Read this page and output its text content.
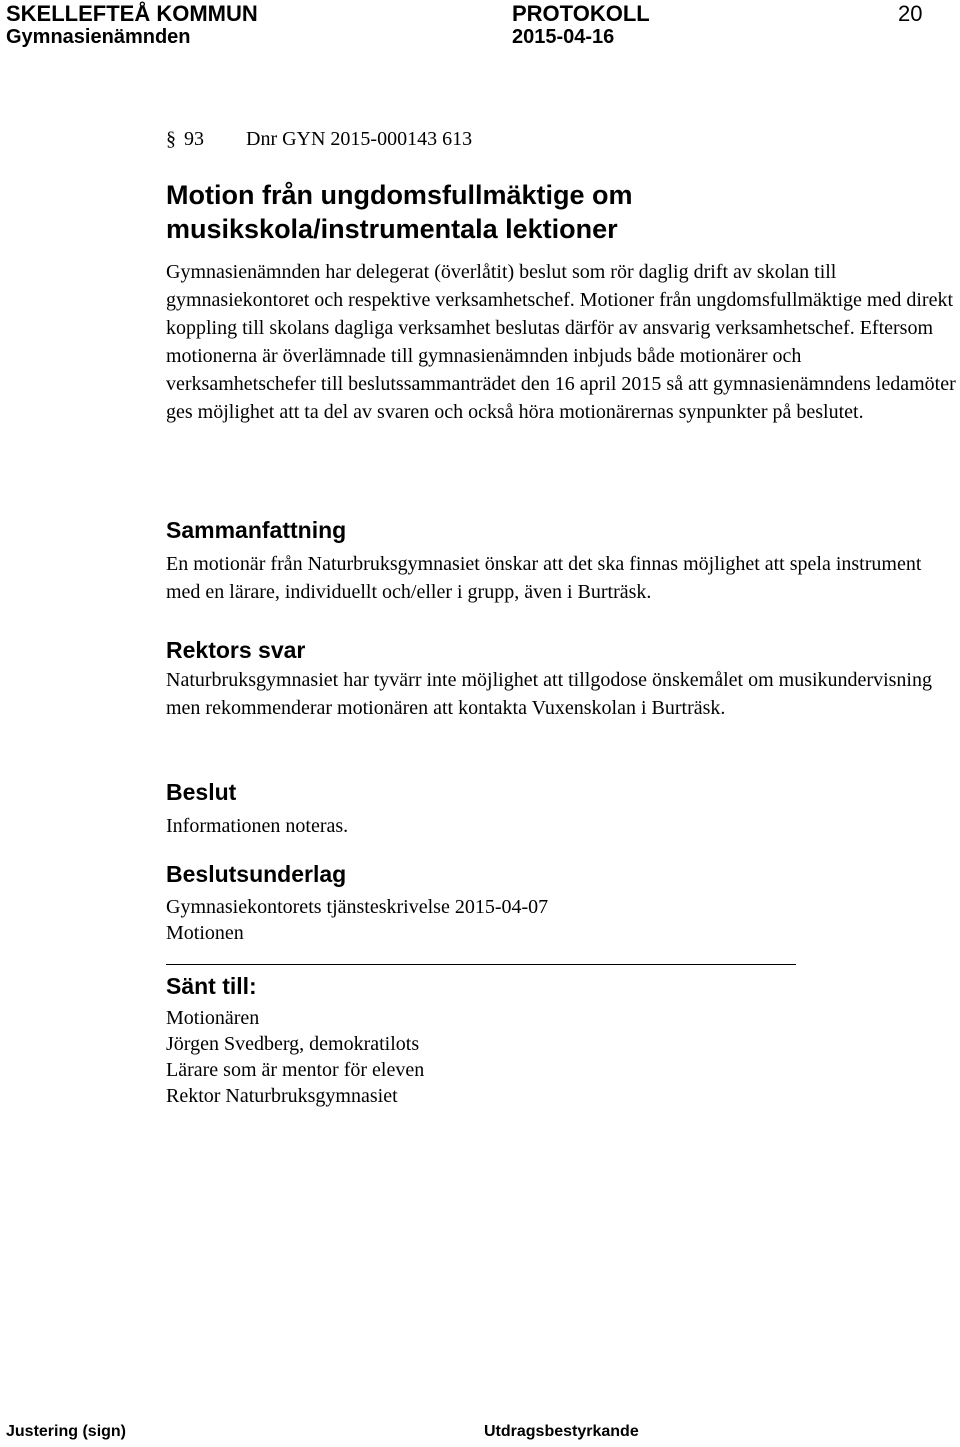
SKELLEFTEÅ KOMMUN	PROTOKOLL	20
Gymnasienämnden	2015-04-16
§ 93 Dnr GYN 2015-000143 613
Motion från ungdomsfullmäktige om musikskola/instrumentala lektioner

Gymnasienämnden har delegerat (överlåtit) beslut som rör daglig drift av skolan till gymnasiekontoret och respektive verksamhetschef. Motioner från ungdomsfullmäktige med direkt koppling till skolans dagliga verksamhet beslutas därför av ansvarig verksamhetschef. Eftersom motionerna är överlämnade till gymnasienämnden inbjuds både motionärer och verksamhetschefer till beslutssammanträdet den 16 april 2015 så att gymnasienämndens ledamöter ges möjlighet att ta del av svaren och också höra motionärernas synpunkter på beslutet.

Sammanfattning

En motionär från Naturbruksgymnasiet önskar att det ska finnas möjlighet att spela instrument med en lärare, individuellt och/eller i grupp, även i Burträsk.

Rektors svar

Naturbruksgymnasiet har tyvärr inte möjlighet att tillgodose önskemålet om musikundervisning men rekommenderar motionären att kontakta Vuxenskolan i Burträsk.

Beslut

Informationen noteras.

Beslutsunderlag

Gymnasiekontorets tjänsteskrivelse 2015-04-07

Motionen

Sänt till:
Motionären
Jörgen Svedberg, demokratilots
Lärare som är mentor för eleven
Rektor Naturbruksgymnasiet
Justering (sign)	Utdragsbestyrkande
